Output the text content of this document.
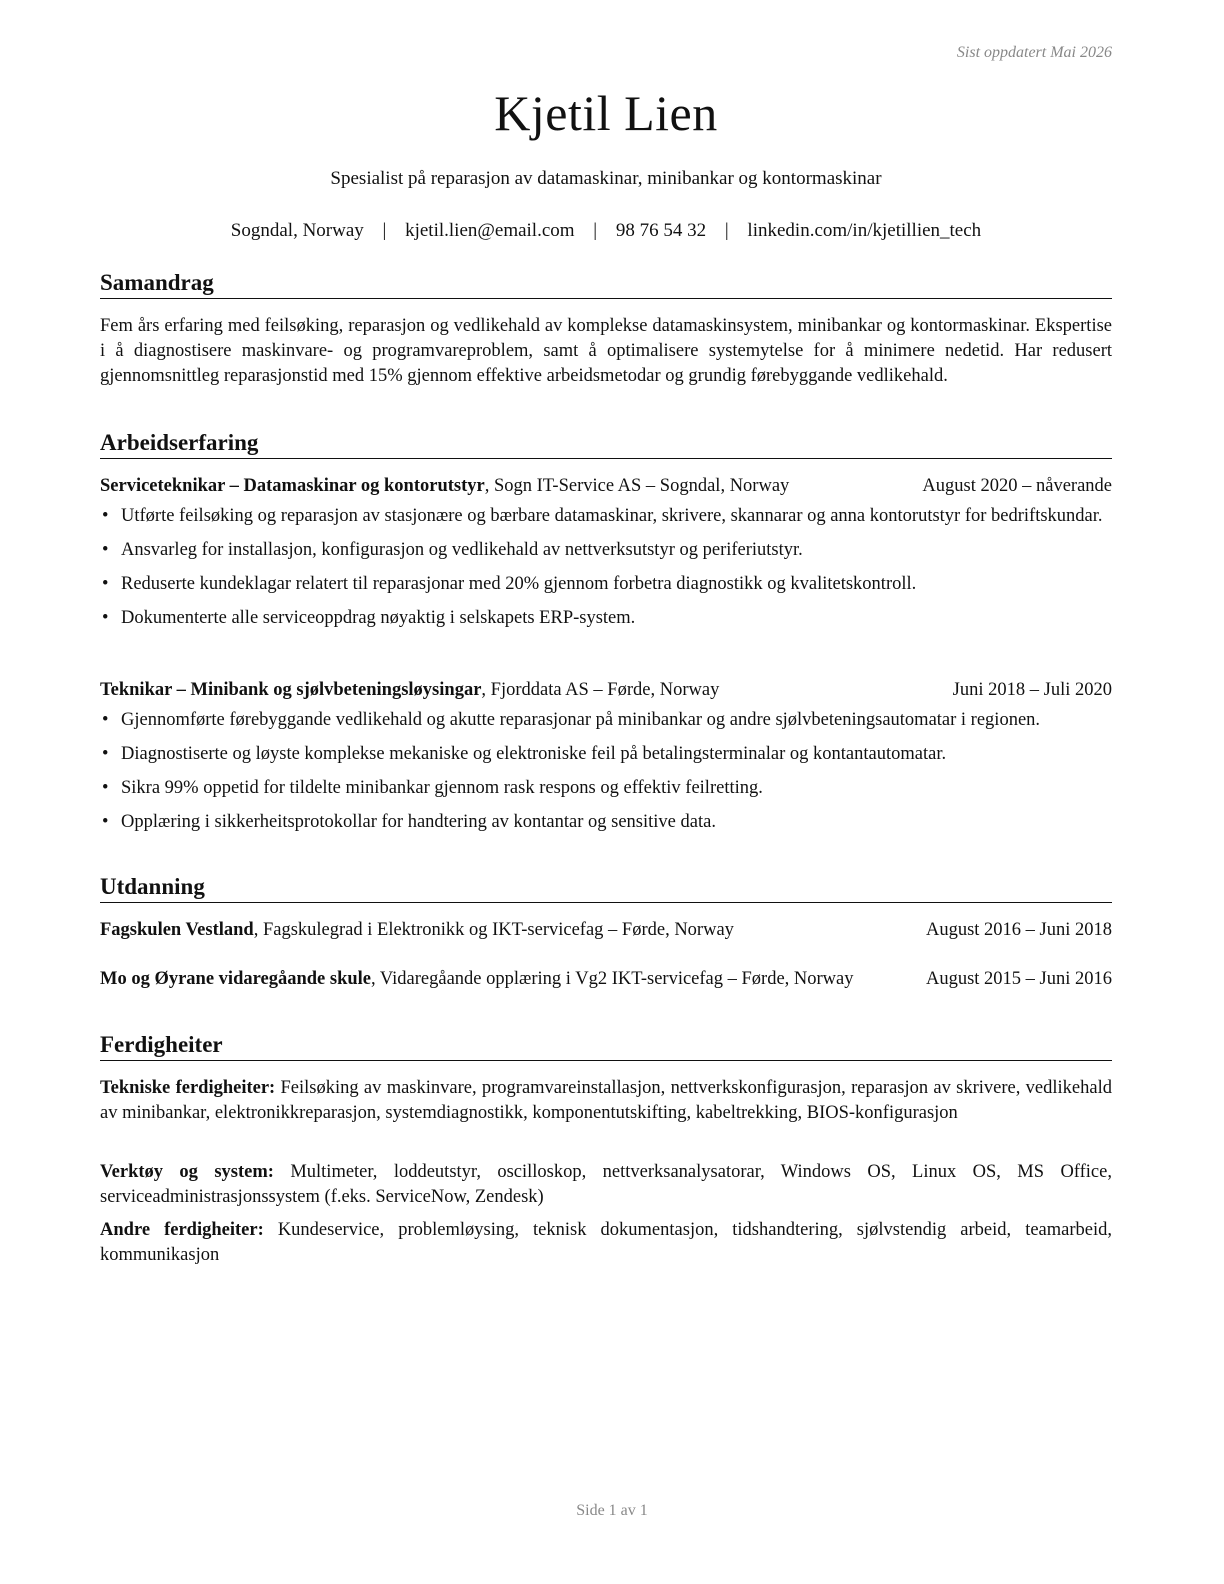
Sist oppdatert Mai 2026
Kjetil Lien
Spesialist på reparasjon av datamaskinar, minibankar og kontormaskinar
Sogndal, Norway | kjetil.lien@email.com | 98 76 54 32 | linkedin.com/in/kjetillien_tech
Samandrag
Fem års erfaring med feilsøking, reparasjon og vedlikehald av komplekse datamaskinsystem, minibankar og kontormaskinar. Ekspertise i å diagnostisere maskinvare- og programvareproblem, samt å optimalisere systemytelse for å minimere nedetid. Har redusert gjennomsnittleg reparasjonstid med 15% gjennom effektive arbeidsmetodar og grundig førebyggande vedlikehald.
Arbeidserfaring
Serviceteknikar – Datamaskinar og kontorutstyr, Sogn IT-Service AS – Sogndal, Norway	August 2020 – nåverande
• Utførte feilsøking og reparasjon av stasjonære og bærbare datamaskinar, skrivere, skannarar og anna kontorutstyr for bedriftskundar.
• Ansvarleg for installasjon, konfigurasjon og vedlikehald av nettverksutstyr og periferiutstyr.
• Reduserte kundeklagar relatert til reparasjonar med 20% gjennom forbetra diagnostikk og kvalitetskontroll.
• Dokumenterte alle serviceoppdrag nøyaktig i selskapets ERP-system.
Teknikar – Minibank og sjølvbeteningsløysingar, Fjorddata AS – Førde, Norway	Juni 2018 – Juli 2020
• Gjennomførte førebyggande vedlikehald og akutte reparasjonar på minibankar og andre sjølvbeteningsautomatar i regionen.
• Diagnostiserte og løyste komplekse mekaniske og elektroniske feil på betalingsterminalar og kontantautomatar.
• Sikra 99% oppetid for tildelte minibankar gjennom rask respons og effektiv feilretting.
• Opplæring i sikkerheitsprotokollar for handtering av kontantar og sensitive data.
Utdanning
Fagskulen Vestland, Fagskulegrad i Elektronikk og IKT-servicefag – Førde, Norway	August 2016 – Juni 2018
Mo og Øyrane vidaregåande skule, Vidaregåande opplæring i Vg2 IKT-servicefag – Førde, Norway	August 2015 – Juni 2016
Ferdigheiter
Tekniske ferdigheiter: Feilsøking av maskinvare, programvareinstallasjon, nettverkskonfigurasjon, reparasjon av skrivere, vedlikehald av minibankar, elektronikkreparasjon, systemdiagnostikk, komponentutskifting, kabeltrekking, BIOS-konfigurasjon
Verktøy og system: Multimeter, loddeutstyr, oscilloskop, nettverksanalysatorar, Windows OS, Linux OS, MS Office, serviceadministrasjonssystem (f.eks. ServiceNow, Zendesk)
Andre ferdigheiter: Kundeservice, problemløysing, teknisk dokumentasjon, tidshandtering, sjølvstendig arbeid, teamarbeid, kommunikasjon
Side 1 av 1
